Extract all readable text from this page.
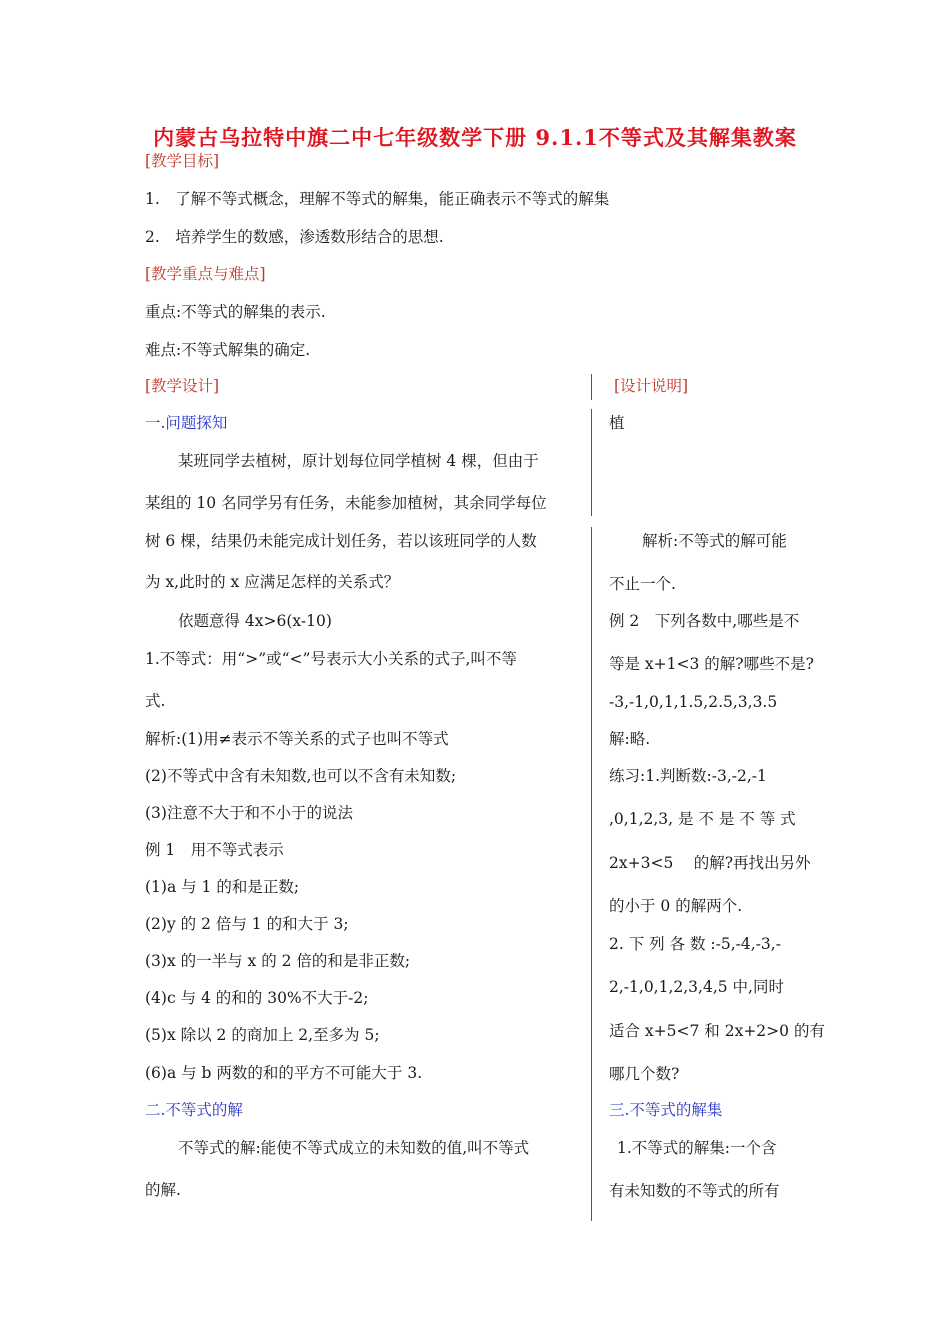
内蒙古乌拉特中旗二中七年级数学下册 9.1.1不等式及其解集教案
[教学目标]
1.　了解不等式概念，理解不等式的解集，能正确表示不等式的解集
2.　培养学生的数感，渗透数形结合的思想.
[教学重点与难点]
重点:不等式的解集的表示.
难点:不等式解集的确定.
[教学设计]	[设计说明]
一.问题探知
某班同学去植树，原计划每位同学植树 4 棵，但由于
某组的 10 名同学另有任务，未能参加植树，其余同学每位
树 6 棵，结果仍未能完成计划任务，若以该班同学的人数
为 x,此时的 x 应满足怎样的关系式？
依题意得 4x>6(x-10)
1.不等式：用“>”或“<”号表示大小关系的式子,叫不等
式.
解析:(1)用≠表示不等关系的式子也叫不等式
(2)不等式中含有未知数,也可以不含有未知数;
(3)注意不大于和不小于的说法
例 1　用不等式表示
(1)a 与 1 的和是正数;
(2)y 的 2 倍与 1 的和大于 3;
(3)x 的一半与 x 的 2 倍的和是非正数;
(4)c 与 4 的和的 30%不大于-2;
(5)x 除以 2 的商加上 2,至多为 5;
(6)a 与 b 两数的和的平方不可能大于 3.
二.不等式的解
不等式的解:能使不等式成立的未知数的值,叫不等式
的解.
植
解析:不等式的解可能
不止一个.
例 2　下列各数中,哪些是不
等是 x+1<3 的解?哪些不是?
-3,-1,0,1,1.5,2.5,3,3.5
解:略.
练习:1.判断数:-3,-2,-1
,0,1,2,3, 是 不 是 不 等 式
2x+3<5　 的解?再找出另外
的小于 0 的解两个.
2. 下 列 各 数 :-5,-4,-3,-
2,-1,0,1,2,3,4,5 中,同时
适合 x+5<7 和 2x+2>0 的有
哪几个数?
三.不等式的解集
1.不等式的解集:一个含
有未知数的不等式的所有
